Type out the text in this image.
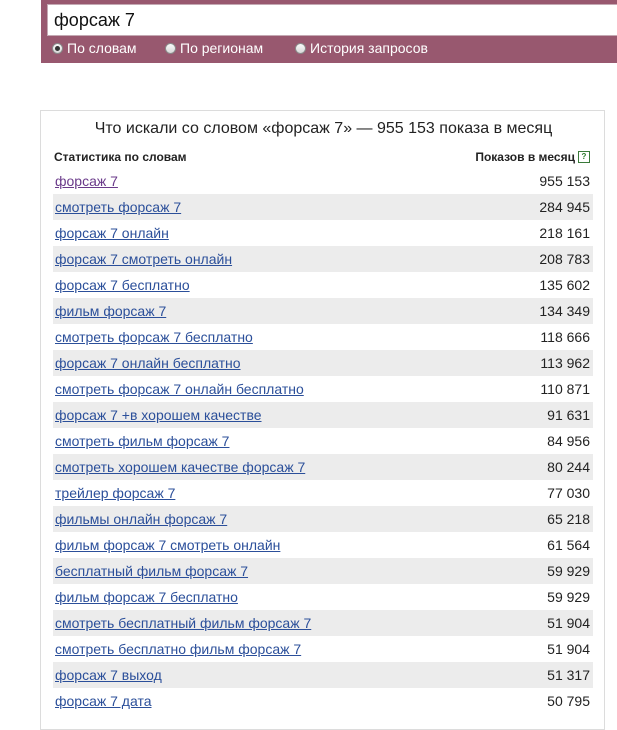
форсаж 7
По словам	По регионам	История запросов
Что искали со словом «форсаж 7» — 955 153 показа в месяц
Статистика по словам	Показов в месяц ?
форсаж 7	955 153
смотреть форсаж 7	284 945
форсаж 7 онлайн	218 161
форсаж 7 смотреть онлайн	208 783
форсаж 7 бесплатно	135 602
фильм форсаж 7	134 349
смотреть форсаж 7 бесплатно	118 666
форсаж 7 онлайн бесплатно	113 962
смотреть форсаж 7 онлайн бесплатно	110 871
форсаж 7 +в хорошем качестве	91 631
смотреть фильм форсаж 7	84 956
смотреть хорошем качестве форсаж 7	80 244
трейлер форсаж 7	77 030
фильмы онлайн форсаж 7	65 218
фильм форсаж 7 смотреть онлайн	61 564
бесплатный фильм форсаж 7	59 929
фильм форсаж 7 бесплатно	59 929
смотреть бесплатный фильм форсаж 7	51 904
смотреть бесплатно фильм форсаж 7	51 904
форсаж 7 выход	51 317
форсаж 7 дата	50 795
